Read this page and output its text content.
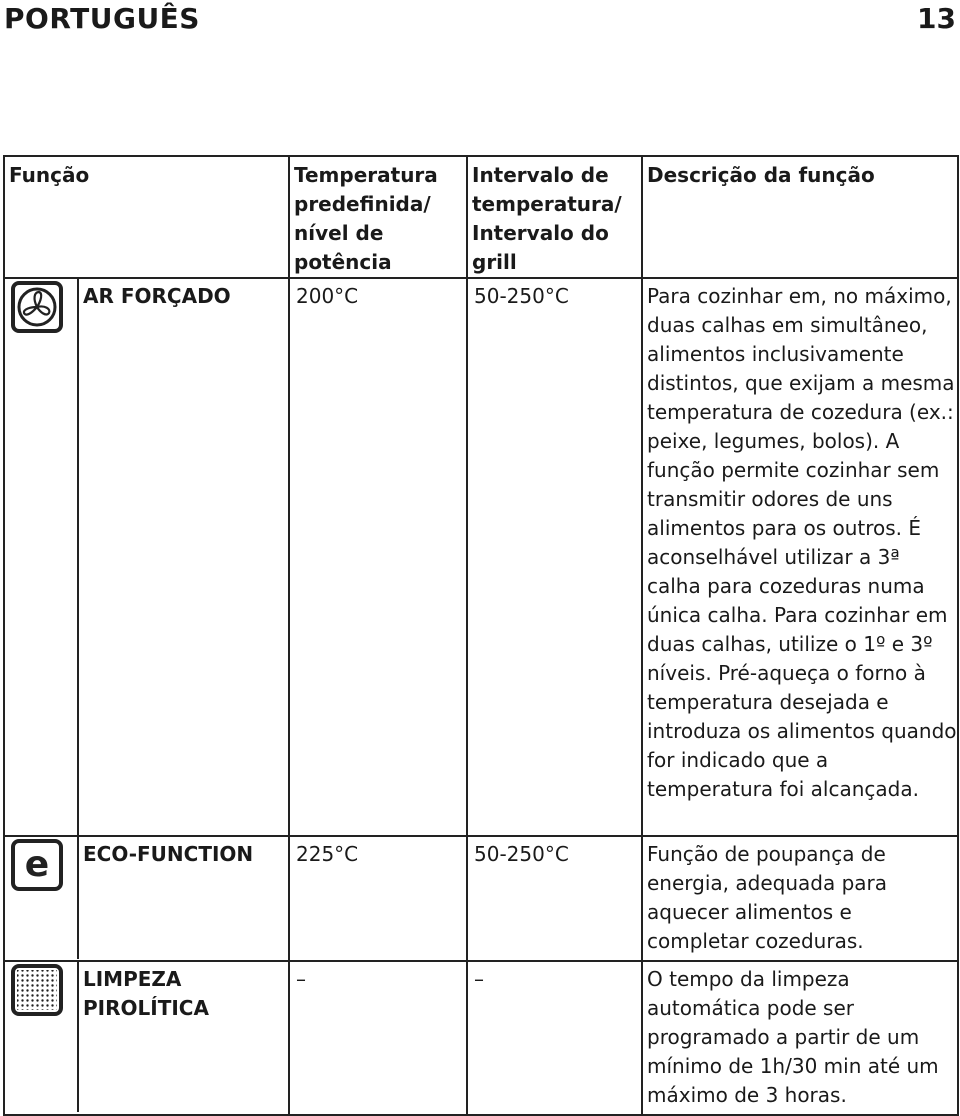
PORTUGUÊS	13
Função	Temperatura predefinida/ nível de potência	Intervalo de temperatura/ Intervalo do grill	Descrição da função

AR FORÇADO	200°C	50-250°C	Para cozinhar em, no máximo, duas calhas em simultâneo, alimentos inclusivamente distintos, que exijam a mesma temperatura de cozedura (ex.: peixe, legumes, bolos). A função permite cozinhar sem transmitir odores de uns alimentos para os outros. É aconselhável utilizar a 3ª calha para cozeduras numa única calha. Para cozinhar em duas calhas, utilize o 1º e 3º níveis. Pré-aqueça o forno à temperatura desejada e introduza os alimentos quando for indicado que a temperatura foi alcançada.

e ECO-FUNCTION	225°C	50-250°C	Função de poupança de energia, adequada para aquecer alimentos e completar cozeduras.

LIMPEZA PIROLÍTICA	–	–	O tempo da limpeza automática pode ser programado a partir de um mínimo de 1h/30 min até um máximo de 3 horas.
